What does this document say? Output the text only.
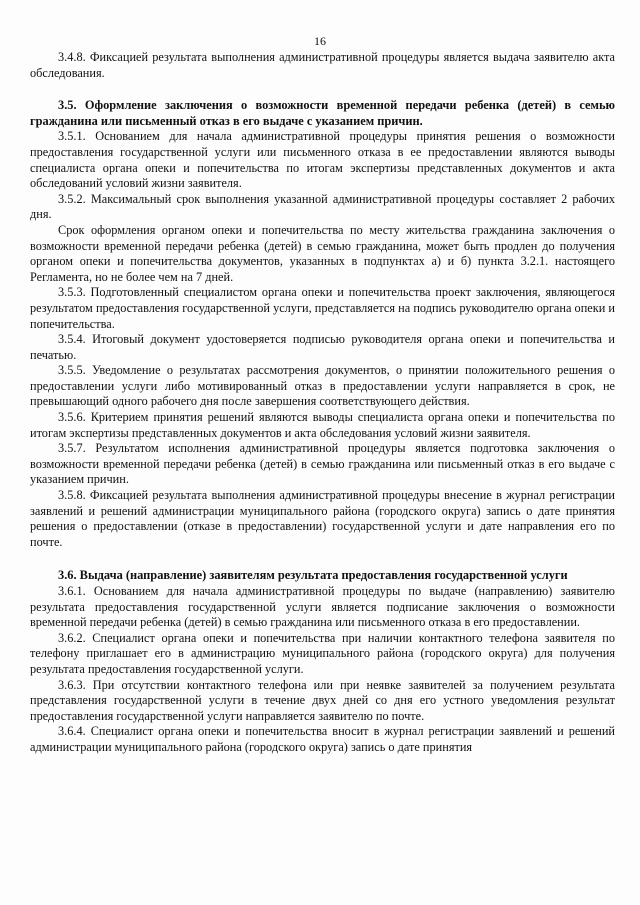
16

3.4.8. Фиксацией результата выполнения административной процедуры является выдача заявителю акта обследования.

3.5. Оформление заключения о возможности временной передачи ребенка (детей) в семью гражданина или письменный отказ в его выдаче с указанием причин.

3.5.1. Основанием для начала административной процедуры принятия решения о возможности предоставления государственной услуги или письменного отказа в ее предоставлении являются выводы специалиста органа опеки и попечительства по итогам экспертизы представленных документов и акта обследований условий жизни заявителя.

3.5.2. Максимальный срок выполнения указанной административной процедуры составляет 2 рабочих дня.

Срок оформления органом опеки и попечительства по месту жительства гражданина заключения о возможности временной передачи ребенка (детей) в семью гражданина, может быть продлен до получения органом опеки и попечительства документов, указанных в подпунктах а) и б) пункта 3.2.1. настоящего Регламента, но не более чем на 7 дней.

3.5.3. Подготовленный специалистом органа опеки и попечительства проект заключения, являющегося результатом предоставления государственной услуги, представляется на подпись руководителю органа опеки и попечительства.

3.5.4. Итоговый документ удостоверяется подписью руководителя органа опеки и попечительства и печатью.

3.5.5. Уведомление о результатах рассмотрения документов, о принятии положительного решения о предоставлении услуги либо мотивированный отказ в предоставлении услуги направляется в срок, не превышающий одного рабочего дня после завершения соответствующего действия.

3.5.6. Критерием принятия решений являются выводы специалиста органа опеки и попечительства по итогам экспертизы представленных документов и акта обследования условий жизни заявителя.

3.5.7. Результатом исполнения административной процедуры является подготовка заключения о возможности временной передачи ребенка (детей) в семью гражданина или письменный отказ в его выдаче с указанием причин.

3.5.8. Фиксацией результата выполнения административной процедуры внесение в журнал регистрации заявлений и решений администрации муниципального района (городского округа) запись о дате принятия решения о предоставлении (отказе в предоставлении) государственной услуги и дате направления его по почте.

3.6. Выдача (направление) заявителям результата предоставления государственной услуги

3.6.1. Основанием для начала административной процедуры по выдаче (направлению) заявителю результата предоставления государственной услуги является подписание заключения о возможности временной передачи ребенка (детей) в семью гражданина или письменного отказа в его предоставлении.

3.6.2. Специалист органа опеки и попечительства при наличии контактного телефона заявителя по телефону приглашает его в администрацию муниципального района (городского округа) для получения результата предоставления государственной услуги.

3.6.3. При отсутствии контактного телефона или при неявке заявителей за получением результата представления государственной услуги в течение двух дней со дня его устного уведомления результат предоставления государственной услуги направляется заявителю по почте.

3.6.4. Специалист органа опеки и попечительства вносит в журнал регистрации заявлений и решений администрации муниципального района (городского округа) запись о дате принятия
